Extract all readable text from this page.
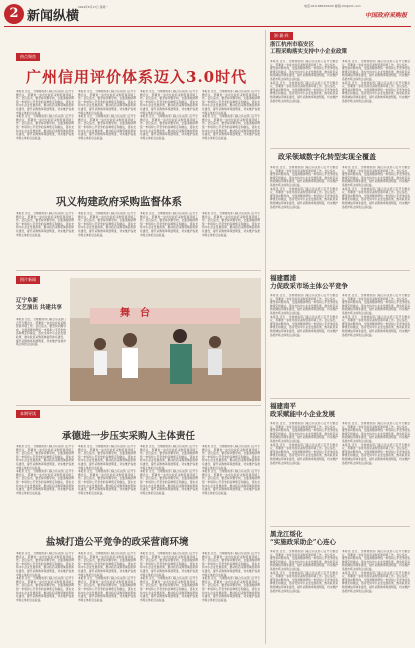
2 新闻纵横
2024年6月17日 星期一	电话:010-88XXXXXX 邮箱:XX@XX.com
中国政府采购报
热点聚焦
广州信用评价体系迈入3.0时代
本报讯 近日，当地财政部门联合有关部门召开专题会议，部署进一步优化政府采购营商环境工作。会议指出，要坚持问题导向，全面清理妨碍统一市场和公平竞争的各种规定和做法，落实支持中小企业发展政策，推动政府采购领域信用体系建设，提升采购效率和透明度，切实维护各类市场主体的合法权益。
本报讯 近日，当地财政部门联合有关部门召开专题会议，部署进一步优化政府采购营商环境工作。会议指出，要坚持问题导向，全面清理妨碍统一市场和公平竞争的各种规定和做法，落实支持中小企业发展政策，推动政府采购领域信用体系建设，提升采购效率和透明度，切实维护各类市场主体的合法权益。
本报讯 近日，当地财政部门联合有关部门召开专题会议，部署进一步优化政府采购营商环境工作。会议指出，要坚持问题导向，全面清理妨碍统一市场和公平竞争的各种规定和做法，落实支持中小企业发展政策，推动政府采购领域信用体系建设，提升采购效率和透明度，切实维护各类市场主体的合法权益。
本报讯 近日，当地财政部门联合有关部门召开专题会议，部署进一步优化政府采购营商环境工作。会议指出，要坚持问题导向，全面清理妨碍统一市场和公平竞争的各种规定和做法，落实支持中小企业发展政策，推动政府采购领域信用体系建设，提升采购效率和透明度，切实维护各类市场主体的合法权益。
本报讯 近日，当地财政部门联合有关部门召开专题会议，部署进一步优化政府采购营商环境工作。会议指出，要坚持问题导向，全面清理妨碍统一市场和公平竞争的各种规定和做法，落实支持中小企业发展政策，推动政府采购领域信用体系建设，提升采购效率和透明度，切实维护各类市场主体的合法权益。
本报讯 近日，当地财政部门联合有关部门召开专题会议，部署进一步优化政府采购营商环境工作。会议指出，要坚持问题导向，全面清理妨碍统一市场和公平竞争的各种规定和做法，落实支持中小企业发展政策，推动政府采购领域信用体系建设，提升采购效率和透明度，切实维护各类市场主体的合法权益。
本报讯 近日，当地财政部门联合有关部门召开专题会议，部署进一步优化政府采购营商环境工作。会议指出，要坚持问题导向，全面清理妨碍统一市场和公平竞争的各种规定和做法，落实支持中小企业发展政策，推动政府采购领域信用体系建设，提升采购效率和透明度，切实维护各类市场主体的合法权益。
本报讯 近日，当地财政部门联合有关部门召开专题会议，部署进一步优化政府采购营商环境工作。会议指出，要坚持问题导向，全面清理妨碍统一市场和公平竞争的各种规定和做法，落实支持中小企业发展政策，推动政府采购领域信用体系建设，提升采购效率和透明度，切实维护各类市场主体的合法权益。
巩义构建政府采购监督体系
本报讯 近日，当地财政部门联合有关部门召开专题会议，部署进一步优化政府采购营商环境工作。会议指出，要坚持问题导向，全面清理妨碍统一市场和公平竞争的各种规定和做法，落实支持中小企业发展政策，推动政府采购领域信用体系建设，提升采购效率和透明度，切实维护各类市场主体的合法权益。
本报讯 近日，当地财政部门联合有关部门召开专题会议，部署进一步优化政府采购营商环境工作。会议指出，要坚持问题导向，全面清理妨碍统一市场和公平竞争的各种规定和做法，落实支持中小企业发展政策，推动政府采购领域信用体系建设，提升采购效率和透明度，切实维护各类市场主体的合法权益。
本报讯 近日，当地财政部门联合有关部门召开专题会议，部署进一步优化政府采购营商环境工作。会议指出，要坚持问题导向，全面清理妨碍统一市场和公平竞争的各种规定和做法，落实支持中小企业发展政策，推动政府采购领域信用体系建设，提升采购效率和透明度，切实维护各类市场主体的合法权益。
本报讯 近日，当地财政部门联合有关部门召开专题会议，部署进一步优化政府采购营商环境工作。会议指出，要坚持问题导向，全面清理妨碍统一市场和公平竞争的各种规定和做法，落实支持中小企业发展政策，推动政府采购领域信用体系建设，提升采购效率和透明度，切实维护各类市场主体的合法权益。
图片新闻
舞台
辽宁阜新
文艺演出 共建共享
本报讯 近日，当地财政部门联合有关部门召开专题会议，部署进一步优化政府采购营商环境工作。会议指出，要坚持问题导向，全面清理妨碍统一市场和公平竞争的各种规定和做法，落实支持中小企业发展政策，推动政府采购领域信用体系建设，提升采购效率和透明度，切实维护各类市场主体的合法权益。
本期导读
承德进一步压实采购人主体责任
本报讯 近日，当地财政部门联合有关部门召开专题会议，部署进一步优化政府采购营商环境工作。会议指出，要坚持问题导向，全面清理妨碍统一市场和公平竞争的各种规定和做法，落实支持中小企业发展政策，推动政府采购领域信用体系建设，提升采购效率和透明度，切实维护各类市场主体的合法权益。
本报讯 近日，当地财政部门联合有关部门召开专题会议，部署进一步优化政府采购营商环境工作。会议指出，要坚持问题导向，全面清理妨碍统一市场和公平竞争的各种规定和做法，落实支持中小企业发展政策，推动政府采购领域信用体系建设，提升采购效率和透明度，切实维护各类市场主体的合法权益。
本报讯 近日，当地财政部门联合有关部门召开专题会议，部署进一步优化政府采购营商环境工作。会议指出，要坚持问题导向，全面清理妨碍统一市场和公平竞争的各种规定和做法，落实支持中小企业发展政策，推动政府采购领域信用体系建设，提升采购效率和透明度，切实维护各类市场主体的合法权益。
本报讯 近日，当地财政部门联合有关部门召开专题会议，部署进一步优化政府采购营商环境工作。会议指出，要坚持问题导向，全面清理妨碍统一市场和公平竞争的各种规定和做法，落实支持中小企业发展政策，推动政府采购领域信用体系建设，提升采购效率和透明度，切实维护各类市场主体的合法权益。
本报讯 近日，当地财政部门联合有关部门召开专题会议，部署进一步优化政府采购营商环境工作。会议指出，要坚持问题导向，全面清理妨碍统一市场和公平竞争的各种规定和做法，落实支持中小企业发展政策，推动政府采购领域信用体系建设，提升采购效率和透明度，切实维护各类市场主体的合法权益。
本报讯 近日，当地财政部门联合有关部门召开专题会议，部署进一步优化政府采购营商环境工作。会议指出，要坚持问题导向，全面清理妨碍统一市场和公平竞争的各种规定和做法，落实支持中小企业发展政策，推动政府采购领域信用体系建设，提升采购效率和透明度，切实维护各类市场主体的合法权益。
本报讯 近日，当地财政部门联合有关部门召开专题会议，部署进一步优化政府采购营商环境工作。会议指出，要坚持问题导向，全面清理妨碍统一市场和公平竞争的各种规定和做法，落实支持中小企业发展政策，推动政府采购领域信用体系建设，提升采购效率和透明度，切实维护各类市场主体的合法权益。
本报讯 近日，当地财政部门联合有关部门召开专题会议，部署进一步优化政府采购营商环境工作。会议指出，要坚持问题导向，全面清理妨碍统一市场和公平竞争的各种规定和做法，落实支持中小企业发展政策，推动政府采购领域信用体系建设，提升采购效率和透明度，切实维护各类市场主体的合法权益。
盐城打造公平竞争的政采营商环境
本报讯 近日，当地财政部门联合有关部门召开专题会议，部署进一步优化政府采购营商环境工作。会议指出，要坚持问题导向，全面清理妨碍统一市场和公平竞争的各种规定和做法，落实支持中小企业发展政策，推动政府采购领域信用体系建设，提升采购效率和透明度，切实维护各类市场主体的合法权益。
本报讯 近日，当地财政部门联合有关部门召开专题会议，部署进一步优化政府采购营商环境工作。会议指出，要坚持问题导向，全面清理妨碍统一市场和公平竞争的各种规定和做法，落实支持中小企业发展政策，推动政府采购领域信用体系建设，提升采购效率和透明度，切实维护各类市场主体的合法权益。
本报讯 近日，当地财政部门联合有关部门召开专题会议，部署进一步优化政府采购营商环境工作。会议指出，要坚持问题导向，全面清理妨碍统一市场和公平竞争的各种规定和做法，落实支持中小企业发展政策，推动政府采购领域信用体系建设，提升采购效率和透明度，切实维护各类市场主体的合法权益。
本报讯 近日，当地财政部门联合有关部门召开专题会议，部署进一步优化政府采购营商环境工作。会议指出，要坚持问题导向，全面清理妨碍统一市场和公平竞争的各种规定和做法，落实支持中小企业发展政策，推动政府采购领域信用体系建设，提升采购效率和透明度，切实维护各类市场主体的合法权益。
本报讯 近日，当地财政部门联合有关部门召开专题会议，部署进一步优化政府采购营商环境工作。会议指出，要坚持问题导向，全面清理妨碍统一市场和公平竞争的各种规定和做法，落实支持中小企业发展政策，推动政府采购领域信用体系建设，提升采购效率和透明度，切实维护各类市场主体的合法权益。
本报讯 近日，当地财政部门联合有关部门召开专题会议，部署进一步优化政府采购营商环境工作。会议指出，要坚持问题导向，全面清理妨碍统一市场和公平竞争的各种规定和做法，落实支持中小企业发展政策，推动政府采购领域信用体系建设，提升采购效率和透明度，切实维护各类市场主体的合法权益。
本报讯 近日，当地财政部门联合有关部门召开专题会议，部署进一步优化政府采购营商环境工作。会议指出，要坚持问题导向，全面清理妨碍统一市场和公平竞争的各种规定和做法，落实支持中小企业发展政策，推动政府采购领域信用体系建设，提升采购效率和透明度，切实维护各类市场主体的合法权益。
本报讯 近日，当地财政部门联合有关部门召开专题会议，部署进一步优化政府采购营商环境工作。会议指出，要坚持问题导向，全面清理妨碍统一市场和公平竞争的各种规定和做法，落实支持中小企业发展政策，推动政府采购领域信用体系建设，提升采购效率和透明度，切实维护各类市场主体的合法权益。
浙·冀·四
浙江杭州市临安区
工程采购落实支持中小企业政策
本报讯 近日，当地财政部门联合有关部门召开专题会议，部署进一步优化政府采购营商环境工作。会议指出，要坚持问题导向，全面清理妨碍统一市场和公平竞争的各种规定和做法，落实支持中小企业发展政策，推动政府采购领域信用体系建设，提升采购效率和透明度，切实维护各类市场主体的合法权益。
本报讯 近日，当地财政部门联合有关部门召开专题会议，部署进一步优化政府采购营商环境工作。会议指出，要坚持问题导向，全面清理妨碍统一市场和公平竞争的各种规定和做法，落实支持中小企业发展政策，推动政府采购领域信用体系建设，提升采购效率和透明度，切实维护各类市场主体的合法权益。
本报讯 近日，当地财政部门联合有关部门召开专题会议，部署进一步优化政府采购营商环境工作。会议指出，要坚持问题导向，全面清理妨碍统一市场和公平竞争的各种规定和做法，落实支持中小企业发展政策，推动政府采购领域信用体系建设，提升采购效率和透明度，切实维护各类市场主体的合法权益。
本报讯 近日，当地财政部门联合有关部门召开专题会议，部署进一步优化政府采购营商环境工作。会议指出，要坚持问题导向，全面清理妨碍统一市场和公平竞争的各种规定和做法，落实支持中小企业发展政策，推动政府采购领域信用体系建设，提升采购效率和透明度，切实维护各类市场主体的合法权益。
政采领域数字化转型实现全覆盖
本报讯 近日，当地财政部门联合有关部门召开专题会议，部署进一步优化政府采购营商环境工作。会议指出，要坚持问题导向，全面清理妨碍统一市场和公平竞争的各种规定和做法，落实支持中小企业发展政策，推动政府采购领域信用体系建设，提升采购效率和透明度，切实维护各类市场主体的合法权益。
本报讯 近日，当地财政部门联合有关部门召开专题会议，部署进一步优化政府采购营商环境工作。会议指出，要坚持问题导向，全面清理妨碍统一市场和公平竞争的各种规定和做法，落实支持中小企业发展政策，推动政府采购领域信用体系建设，提升采购效率和透明度，切实维护各类市场主体的合法权益。
本报讯 近日，当地财政部门联合有关部门召开专题会议，部署进一步优化政府采购营商环境工作。会议指出，要坚持问题导向，全面清理妨碍统一市场和公平竞争的各种规定和做法，落实支持中小企业发展政策，推动政府采购领域信用体系建设，提升采购效率和透明度，切实维护各类市场主体的合法权益。
本报讯 近日，当地财政部门联合有关部门召开专题会议，部署进一步优化政府采购营商环境工作。会议指出，要坚持问题导向，全面清理妨碍统一市场和公平竞争的各种规定和做法，落实支持中小企业发展政策，推动政府采购领域信用体系建设，提升采购效率和透明度，切实维护各类市场主体的合法权益。
福建霞浦
力促政采市场主体公平竞争
本报讯 近日，当地财政部门联合有关部门召开专题会议，部署进一步优化政府采购营商环境工作。会议指出，要坚持问题导向，全面清理妨碍统一市场和公平竞争的各种规定和做法，落实支持中小企业发展政策，推动政府采购领域信用体系建设，提升采购效率和透明度，切实维护各类市场主体的合法权益。
本报讯 近日，当地财政部门联合有关部门召开专题会议，部署进一步优化政府采购营商环境工作。会议指出，要坚持问题导向，全面清理妨碍统一市场和公平竞争的各种规定和做法，落实支持中小企业发展政策，推动政府采购领域信用体系建设，提升采购效率和透明度，切实维护各类市场主体的合法权益。
本报讯 近日，当地财政部门联合有关部门召开专题会议，部署进一步优化政府采购营商环境工作。会议指出，要坚持问题导向，全面清理妨碍统一市场和公平竞争的各种规定和做法，落实支持中小企业发展政策，推动政府采购领域信用体系建设，提升采购效率和透明度，切实维护各类市场主体的合法权益。
本报讯 近日，当地财政部门联合有关部门召开专题会议，部署进一步优化政府采购营商环境工作。会议指出，要坚持问题导向，全面清理妨碍统一市场和公平竞争的各种规定和做法，落实支持中小企业发展政策，推动政府采购领域信用体系建设，提升采购效率和透明度，切实维护各类市场主体的合法权益。
福建南平
政采赋能中小企业发展
本报讯 近日，当地财政部门联合有关部门召开专题会议，部署进一步优化政府采购营商环境工作。会议指出，要坚持问题导向，全面清理妨碍统一市场和公平竞争的各种规定和做法，落实支持中小企业发展政策，推动政府采购领域信用体系建设，提升采购效率和透明度，切实维护各类市场主体的合法权益。
本报讯 近日，当地财政部门联合有关部门召开专题会议，部署进一步优化政府采购营商环境工作。会议指出，要坚持问题导向，全面清理妨碍统一市场和公平竞争的各种规定和做法，落实支持中小企业发展政策，推动政府采购领域信用体系建设，提升采购效率和透明度，切实维护各类市场主体的合法权益。
本报讯 近日，当地财政部门联合有关部门召开专题会议，部署进一步优化政府采购营商环境工作。会议指出，要坚持问题导向，全面清理妨碍统一市场和公平竞争的各种规定和做法，落实支持中小企业发展政策，推动政府采购领域信用体系建设，提升采购效率和透明度，切实维护各类市场主体的合法权益。
本报讯 近日，当地财政部门联合有关部门召开专题会议，部署进一步优化政府采购营商环境工作。会议指出，要坚持问题导向，全面清理妨碍统一市场和公平竞争的各种规定和做法，落实支持中小企业发展政策，推动政府采购领域信用体系建设，提升采购效率和透明度，切实维护各类市场主体的合法权益。
黑龙江绥化
“实施政采助企”心连心
本报讯 近日，当地财政部门联合有关部门召开专题会议，部署进一步优化政府采购营商环境工作。会议指出，要坚持问题导向，全面清理妨碍统一市场和公平竞争的各种规定和做法，落实支持中小企业发展政策，推动政府采购领域信用体系建设，提升采购效率和透明度，切实维护各类市场主体的合法权益。
本报讯 近日，当地财政部门联合有关部门召开专题会议，部署进一步优化政府采购营商环境工作。会议指出，要坚持问题导向，全面清理妨碍统一市场和公平竞争的各种规定和做法，落实支持中小企业发展政策，推动政府采购领域信用体系建设，提升采购效率和透明度，切实维护各类市场主体的合法权益。
本报讯 近日，当地财政部门联合有关部门召开专题会议，部署进一步优化政府采购营商环境工作。会议指出，要坚持问题导向，全面清理妨碍统一市场和公平竞争的各种规定和做法，落实支持中小企业发展政策，推动政府采购领域信用体系建设，提升采购效率和透明度，切实维护各类市场主体的合法权益。
本报讯 近日，当地财政部门联合有关部门召开专题会议，部署进一步优化政府采购营商环境工作。会议指出，要坚持问题导向，全面清理妨碍统一市场和公平竞争的各种规定和做法，落实支持中小企业发展政策，推动政府采购领域信用体系建设，提升采购效率和透明度，切实维护各类市场主体的合法权益。
